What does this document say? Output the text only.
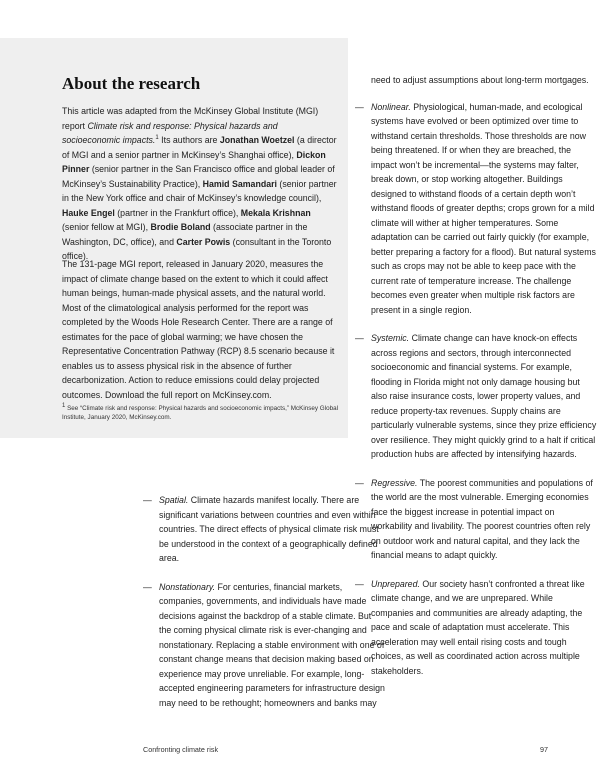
About the research

This article was adapted from the McKinsey Global Institute (MGI) report Climate risk and response: Physical hazards and socioeconomic impacts.$^1$ Its authors are Jonathan Woetzel (a director of MGI and a senior partner in McKinsey’s Shanghai office), Dickon Pinner (senior partner in the San Francisco office and global leader of McKinsey’s Sustainability Practice), Hamid Samandari (senior partner in the New York office and chair of McKinsey’s knowledge council), Hauke Engel (partner in the Frankfurt office), Mekala Krishnan (senior fellow at MGI), Brodie Boland (associate partner in the Washington, DC, office), and Carter Powis (consultant in the Toronto office).

The 131-page MGI report, released in January 2020, measures the impact of climate change based on the extent to which it could affect human beings, human-made physical assets, and the natural world. Most of the climatological analysis performed for the report was completed by the Woods Hole Research Center. There are a range of estimates for the pace of global warming; we have chosen the Representative Concentration Pathway (RCP) 8.5 scenario because it enables us to assess physical risk in the absence of further decarbonization. Action to reduce emissions could delay projected outcomes. Download the full report on McKinsey.com.

$^1$ See “Climate risk and response: Physical hazards and socioeconomic impacts,” McKinsey Global Institute, January 2020, McKinsey.com.

— Spatial. Climate hazards manifest locally. There are significant variations between countries and even within countries. The direct effects of physical climate risk must be understood in the context of a geographically defined area.

— Nonstationary. For centuries, financial markets, companies, governments, and individuals have made decisions against the backdrop of a stable climate. But the coming physical climate risk is ever-changing and nonstationary. Replacing a stable environment with one of constant change means that decision making based on experience may prove unreliable. For example, long-accepted engineering parameters for infrastructure design may need to be rethought; homeowners and banks may

need to adjust assumptions about long-term mortgages.

— Nonlinear. Physiological, human-made, and ecological systems have evolved or been optimized over time to withstand certain thresholds. Those thresholds are now being threatened. If or when they are breached, the impact won’t be incremental—the systems may falter, break down, or stop working altogether. Buildings designed to withstand floods of a certain depth won’t withstand floods of greater depths; crops grown for a mild climate will wither at higher temperatures. Some adaptation can be carried out fairly quickly (for example, better preparing a factory for a flood). But natural systems such as crops may not be able to keep pace with the current rate of temperature increase. The challenge becomes even greater when multiple risk factors are present in a single region.

— Systemic. Climate change can have knock-on effects across regions and sectors, through interconnected socioeconomic and financial systems. For example, flooding in Florida might not only damage housing but also raise insurance costs, lower property values, and reduce property-tax revenues. Supply chains are particularly vulnerable systems, since they prize efficiency over resilience. They might quickly grind to a halt if critical production hubs are affected by intensifying hazards.

— Regressive. The poorest communities and populations of the world are the most vulnerable. Emerging economies face the biggest increase in potential impact on workability and livability. The poorest countries often rely on outdoor work and natural capital, and they lack the financial means to adapt quickly.

— Unprepared. Our society hasn’t confronted a threat like climate change, and we are unprepared. While companies and communities are already adapting, the pace and scale of adaptation must accelerate. This acceleration may well entail rising costs and tough choices, as well as coordinated action across multiple stakeholders.

Confronting climate risk	97
